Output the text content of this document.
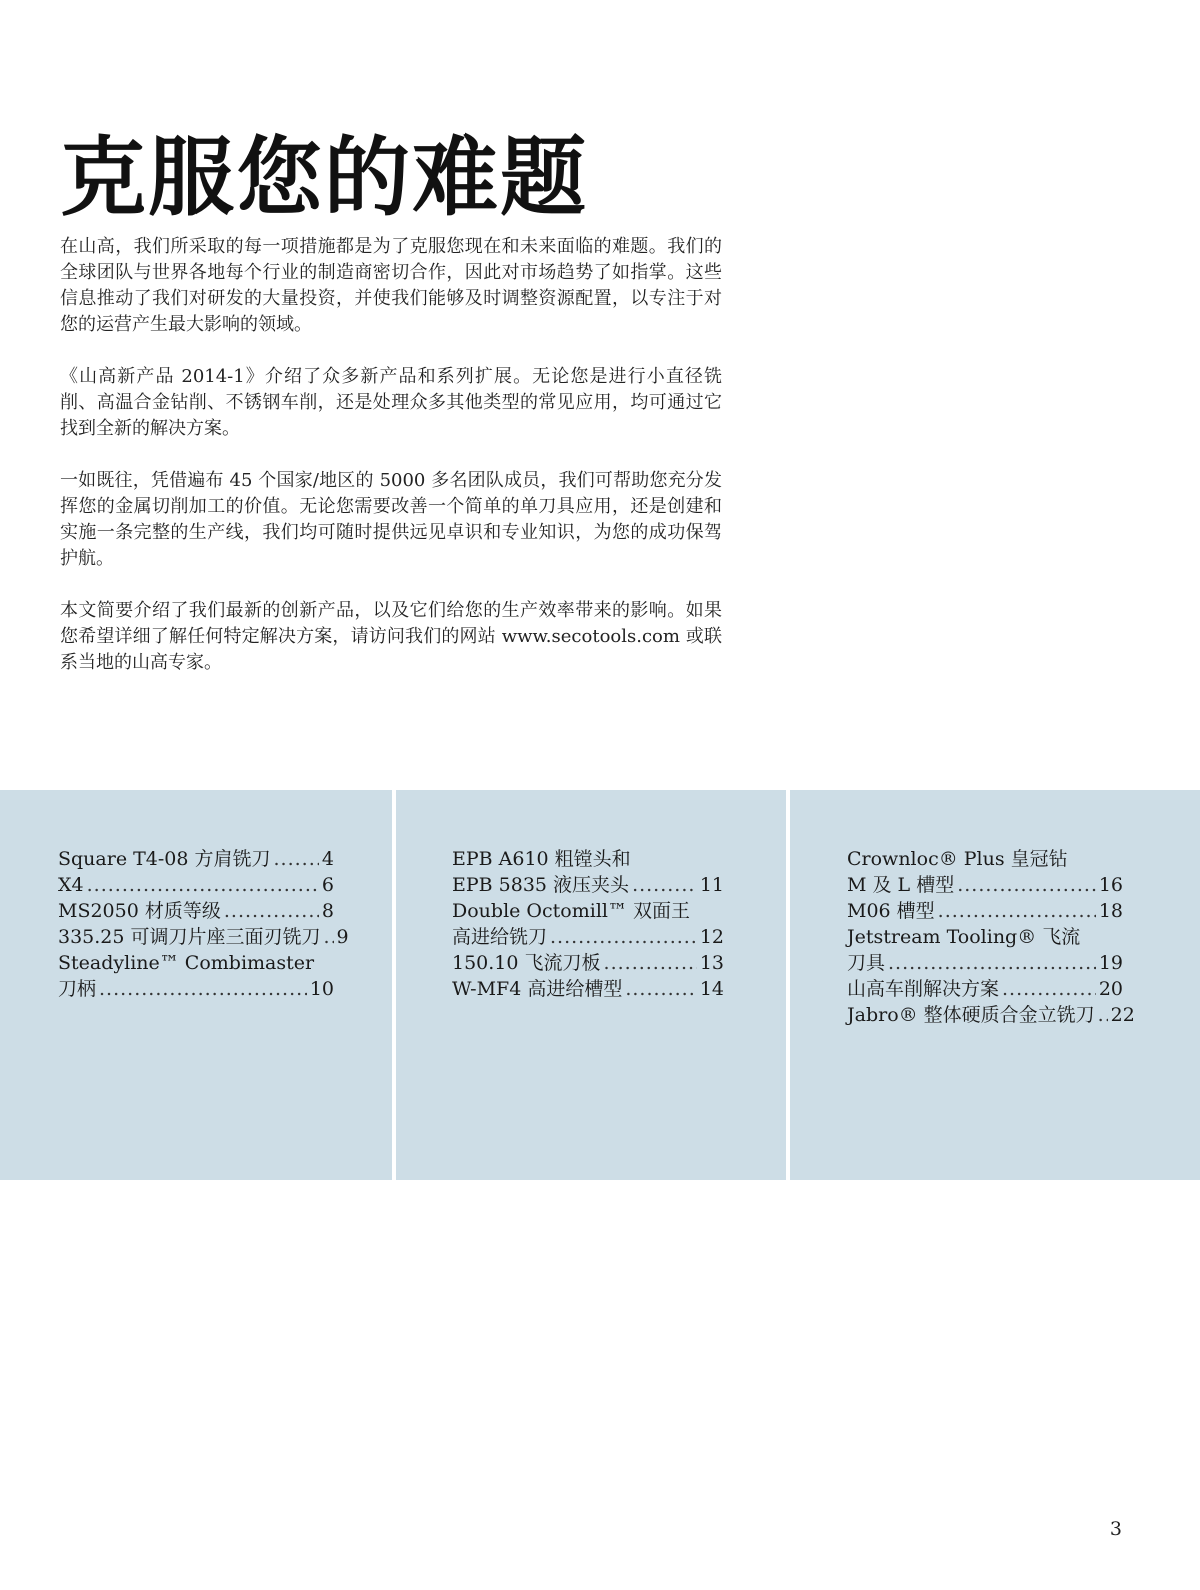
克服您的难题

在山高，我们所采取的每一项措施都是为了克服您现在和未来面临的难题。我们的全球团队与世界各地每个行业的制造商密切合作，因此对市场趋势了如指掌。这些信息推动了我们对研发的大量投资，并使我们能够及时调整资源配置，以专注于对您的运营产生最大影响的领域。

《山高新产品 2014-1》介绍了众多新产品和系列扩展。无论您是进行小直径铣削、高温合金钻削、不锈钢车削，还是处理众多其他类型的常见应用，均可通过它找到全新的解决方案。

一如既往，凭借遍布 45 个国家/地区的 5000 多名团队成员，我们可帮助您充分发挥您的金属切削加工的价值。无论您需要改善一个简单的单刀具应用，还是创建和实施一条完整的生产线，我们均可随时提供远见卓识和专业知识，为您的成功保驾护航。

本文简要介绍了我们最新的创新产品，以及它们给您的生产效率带来的影响。如果您希望详细了解任何特定解决方案，请访问我们的网站 www.secotools.com 或联系当地的山高专家。

Square T4-08 方肩铣刀 .....	4
X4 .....	6
MS2050 材质等级 .....	8
335.25 可调刀片座三面刃铣刀 ..... 9
Steadyline™ Combimaster
刀柄 .....	10
EPB A610 粗镗头和
EPB 5835 液压夹头 .....	11
Double Octomill™ 双面王
高进给铣刀 .....	12
150.10 飞流刀板 .....	13
W-MF4 高进给槽型 .....	14
Crownloc® Plus 皇冠钻
M 及 L 槽型 .....	16
M06 槽型 .....	18
Jetstream Tooling® 飞流
刀具 .....	19
山高车削解决方案 .....	20
Jabro® 整体硬质合金立铣刀 ..... 22
3
